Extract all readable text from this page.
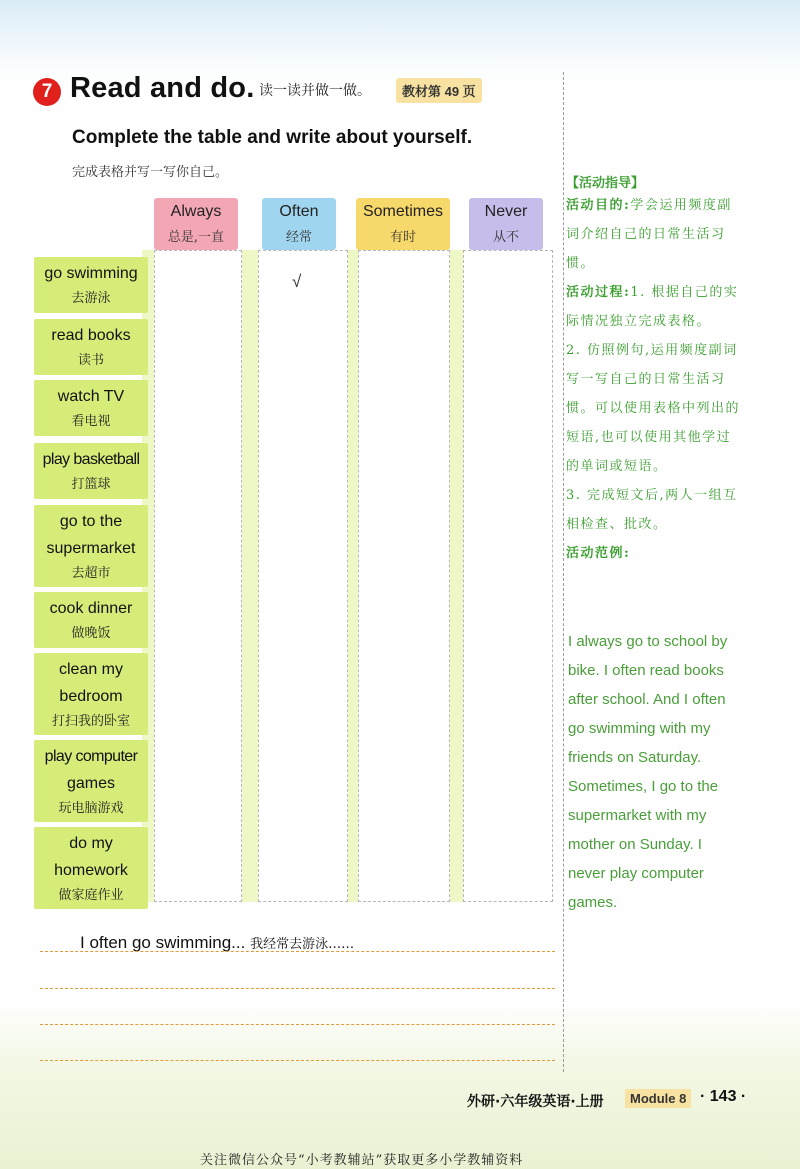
7 Read and do. 读一读并做一做。	教材第 49 页
Complete the table and write about yourself.
完成表格并写一写你自己。
Always
总是,一直
Often
经常
Sometimes
有时
Never
从不
√
go swimming
去游泳
read books
读书
watch TV
看电视
play basketball
打篮球
go to the
supermarket
去超市
cook dinner
做晚饭
clean my
bedroom
打扫我的卧室
play computer
games
玩电脑游戏
do my
homework
做家庭作业
I often go swimming... 我经常去游泳……
【活动指导】

活动目的:学会运用频度副词介绍自己的日常生活习惯。

活动过程:1. 根据自己的实际情况独立完成表格。

2. 仿照例句,运用频度副词写一写自己的日常生活习惯。可以使用表格中列出的短语,也可以使用其他学过的单词或短语。

3. 完成短文后,两人一组互相检查、批改。

活动范例:

I always go to school by bike. I often read books after school. And I often go swimming with my friends on Saturday. Sometimes, I go to the supermarket with my mother on Sunday. I never play computer games.
外研·六年级英语·上册	Module 8 · 143 ·
关注微信公众号“小考教辅站”获取更多小学教辅资料
